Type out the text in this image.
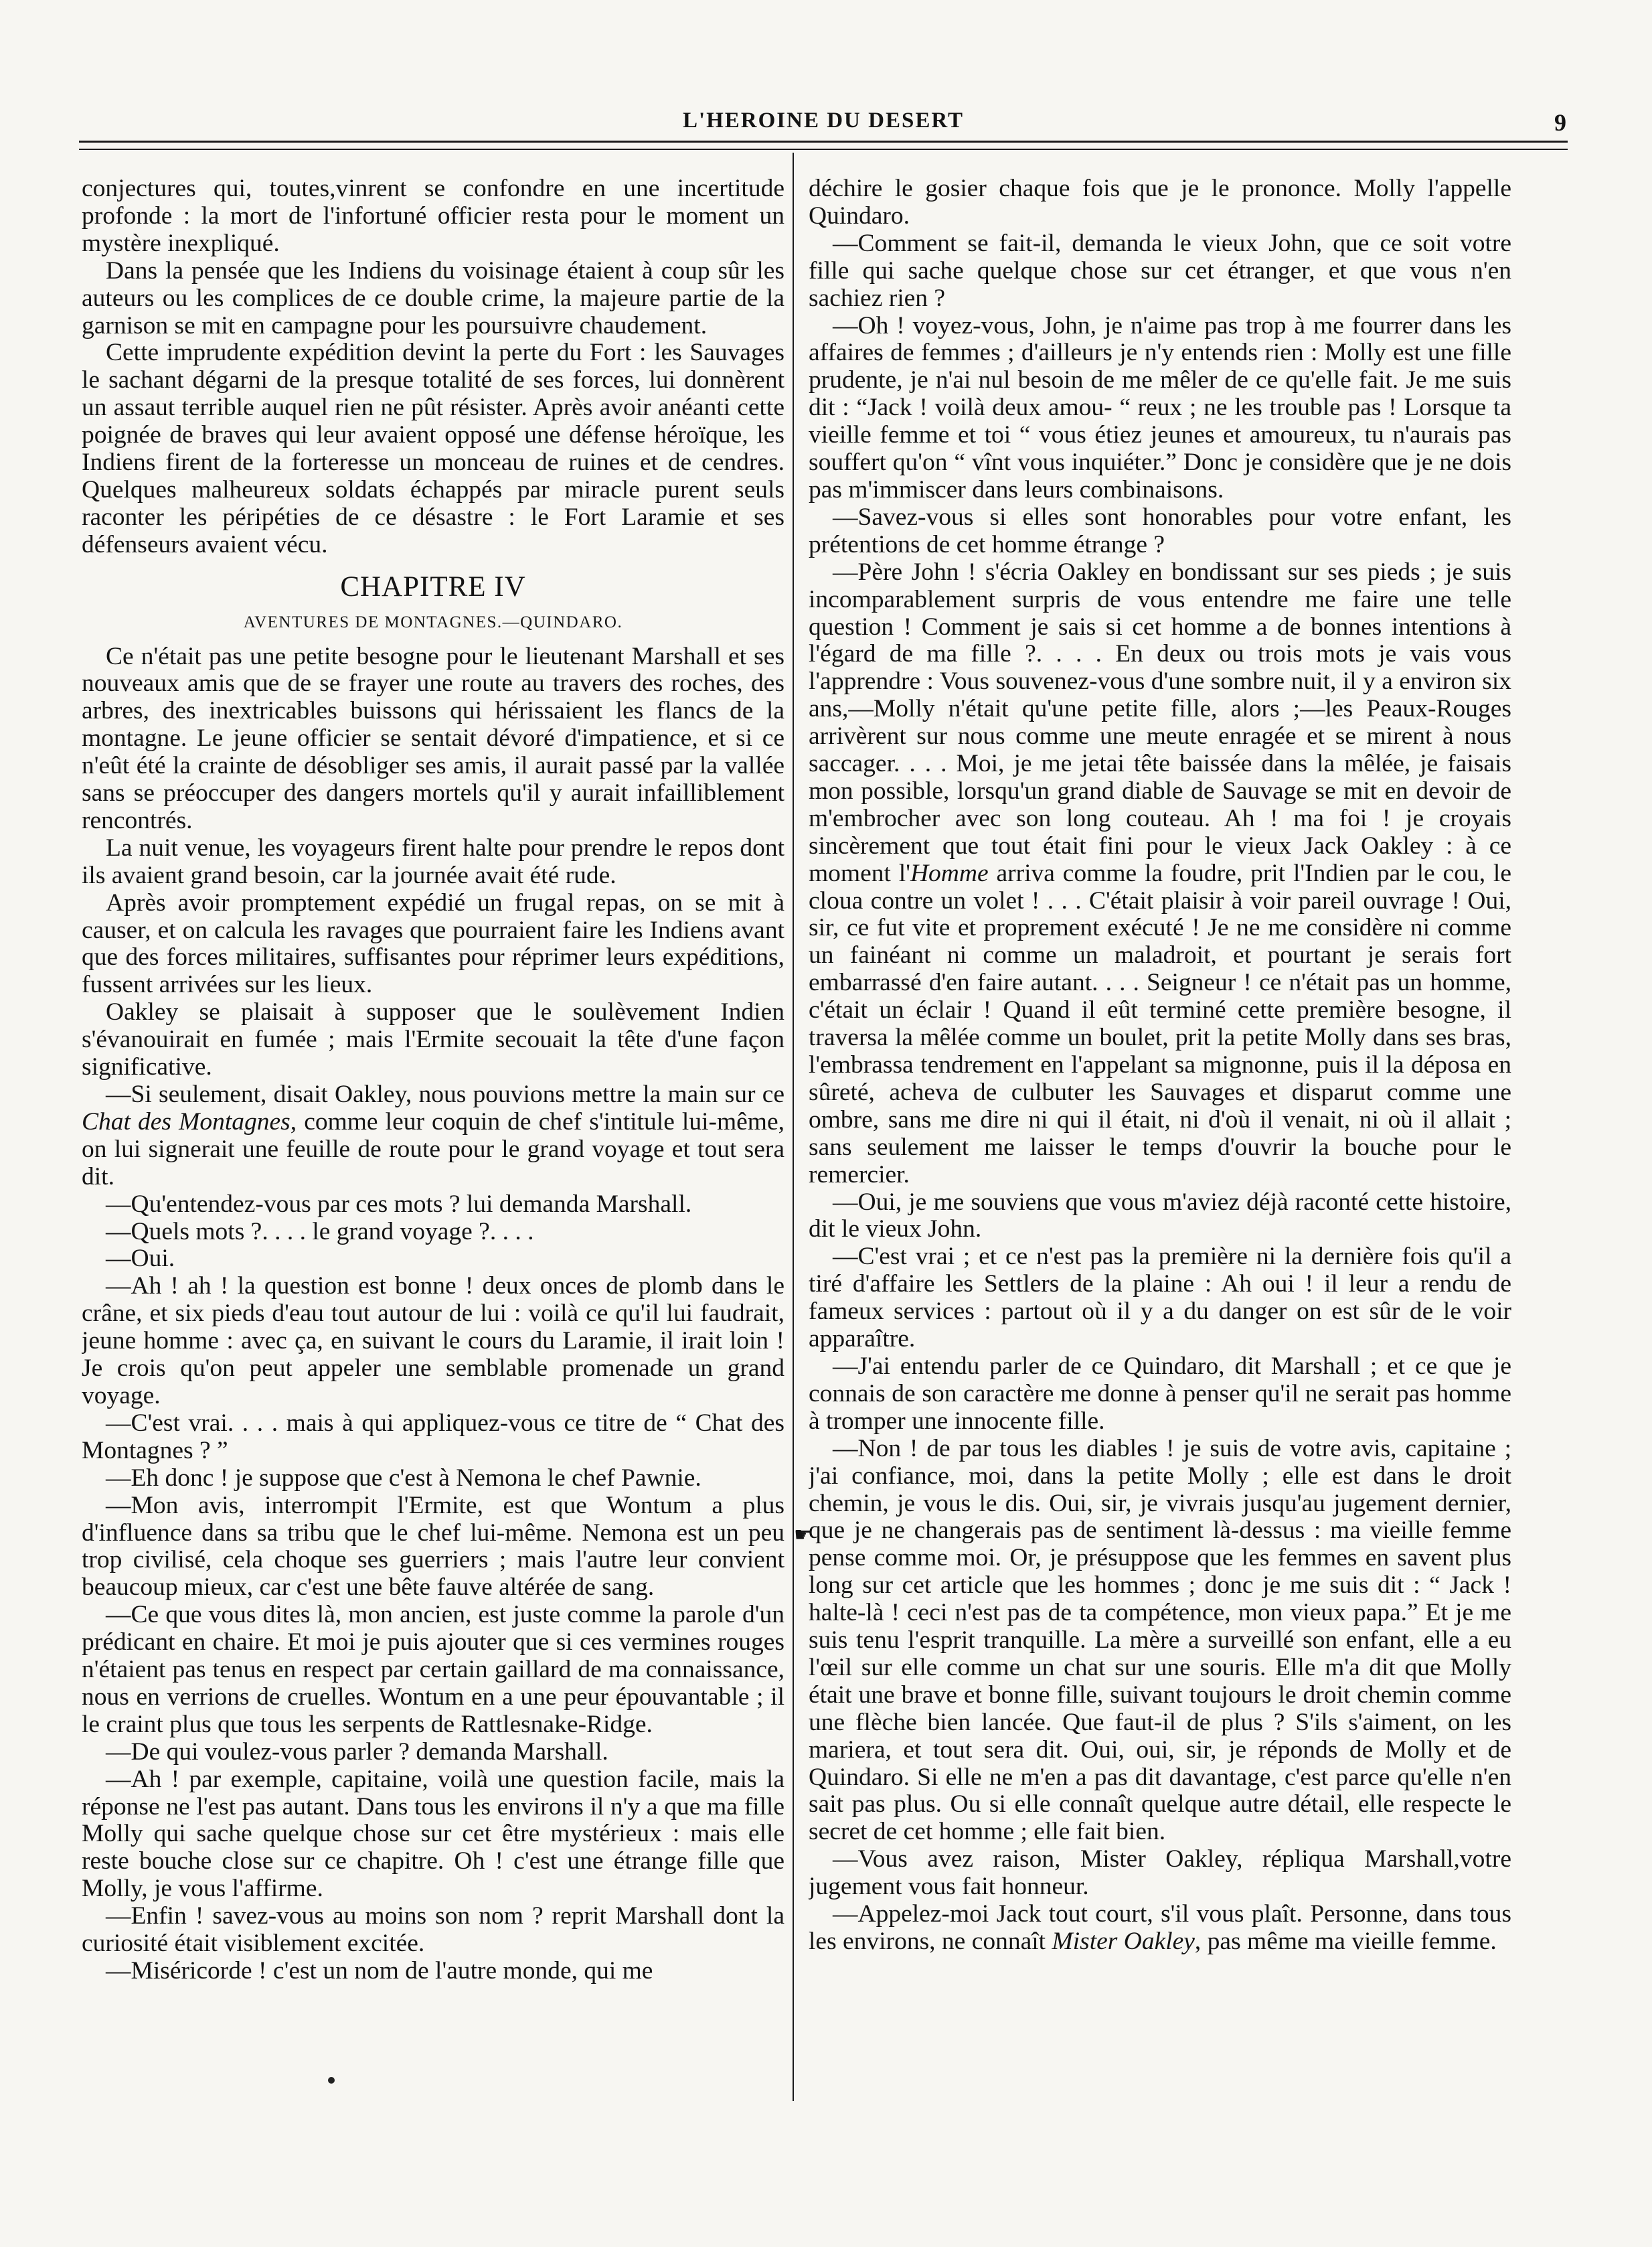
L'HEROINE DU DESERT	9

conjectures qui, toutes,vinrent se confondre en une incertitude profonde : la mort de l'infortuné officier resta pour le moment un mystère inexpliqué.

Dans la pensée que les Indiens du voisinage étaient à coup sûr les auteurs ou les complices de ce double crime, la majeure partie de la garnison se mit en campagne pour les poursuivre chaudement.

Cette imprudente expédition devint la perte du Fort : les Sauvages le sachant dégarni de la presque totalité de ses forces, lui donnèrent un assaut terrible auquel rien ne pût résister. Après avoir anéanti cette poignée de braves qui leur avaient opposé une défense héroïque, les Indiens firent de la forteresse un monceau de ruines et de cendres. Quelques malheureux soldats échappés par miracle purent seuls raconter les péripéties de ce désastre : le Fort Laramie et ses défenseurs avaient vécu.

CHAPITRE IV
AVENTURES DE MONTAGNES.—QUINDARO.

Ce n'était pas une petite besogne pour le lieutenant Marshall et ses nouveaux amis que de se frayer une route au travers des roches, des arbres, des inextricables buissons qui hérissaient les flancs de la montagne. Le jeune officier se sentait dévoré d'impatience, et si ce n'eût été la crainte de désobliger ses amis, il aurait passé par la vallée sans se préoccuper des dangers mortels qu'il y aurait infailliblement rencontrés.

La nuit venue, les voyageurs firent halte pour prendre le repos dont ils avaient grand besoin, car la journée avait été rude.

Après avoir promptement expédié un frugal repas, on se mit à causer, et on calcula les ravages que pourraient faire les Indiens avant que des forces militaires, suffisantes pour réprimer leurs expéditions, fussent arrivées sur les lieux.

Oakley se plaisait à supposer que le soulèvement Indien s'évanouirait en fumée ; mais l'Ermite secouait la tête d'une façon significative.

—Si seulement, disait Oakley, nous pouvions mettre la main sur ce Chat des Montagnes, comme leur coquin de chef s'intitule lui-même, on lui signerait une feuille de route pour le grand voyage et tout sera dit.

—Qu'entendez-vous par ces mots ? lui demanda Marshall.

—Quels mots ?. . . . le grand voyage ?. . . .

—Oui.

—Ah ! ah ! la question est bonne ! deux onces de plomb dans le crâne, et six pieds d'eau tout autour de lui : voilà ce qu'il lui faudrait, jeune homme : avec ça, en suivant le cours du Laramie, il irait loin ! Je crois qu'on peut appeler une semblable promenade un grand voyage.

—C'est vrai. . . . mais à qui appliquez-vous ce titre de “ Chat des Montagnes ? ”

—Eh donc ! je suppose que c'est à Nemona le chef Pawnie.

—Mon avis, interrompit l'Ermite, est que Wontum a plus d'influence dans sa tribu que le chef lui-même. Nemona est un peu trop civilisé, cela choque ses guerriers ; mais l'autre leur convient beaucoup mieux, car c'est une bête fauve altérée de sang.

—Ce que vous dites là, mon ancien, est juste comme la parole d'un prédicant en chaire. Et moi je puis ajouter que si ces vermines rouges n'étaient pas tenus en respect par certain gaillard de ma connaissance, nous en verrions de cruelles. Wontum en a une peur épouvantable ; il le craint plus que tous les serpents de Rattlesnake-Ridge.

—De qui voulez-vous parler ? demanda Marshall.

—Ah ! par exemple, capitaine, voilà une question facile, mais la réponse ne l'est pas autant. Dans tous les environs il n'y a que ma fille Molly qui sache quelque chose sur cet être mystérieux : mais elle reste bouche close sur ce chapitre. Oh ! c'est une étrange fille que Molly, je vous l'affirme.

—Enfin ! savez-vous au moins son nom ? reprit Marshall dont la curiosité était visiblement excitée.

—Miséricorde ! c'est un nom de l'autre monde, qui me

déchire le gosier chaque fois que je le prononce. Molly l'appelle Quindaro.

—Comment se fait-il, demanda le vieux John, que ce soit votre fille qui sache quelque chose sur cet étranger, et que vous n'en sachiez rien ?

—Oh ! voyez-vous, John, je n'aime pas trop à me fourrer dans les affaires de femmes ; d'ailleurs je n'y entends rien : Molly est une fille prudente, je n'ai nul besoin de me mêler de ce qu'elle fait. Je me suis dit : “Jack ! voilà deux amou- “ reux ; ne les trouble pas ! Lorsque ta vieille femme et toi “ vous étiez jeunes et amoureux, tu n'aurais pas souffert qu'on “ vînt vous inquiéter.” Donc je considère que je ne dois pas m'immiscer dans leurs combinaisons.

—Savez-vous si elles sont honorables pour votre enfant, les prétentions de cet homme étrange ?

—Père John ! s'écria Oakley en bondissant sur ses pieds ; je suis incomparablement surpris de vous entendre me faire une telle question ! Comment je sais si cet homme a de bonnes intentions à l'égard de ma fille ?. . . . En deux ou trois mots je vais vous l'apprendre : Vous souvenez-vous d'une sombre nuit, il y a environ six ans,—Molly n'était qu'une petite fille, alors ;—les Peaux-Rouges arrivèrent sur nous comme une meute enragée et se mirent à nous saccager. . . . Moi, je me jetai tête baissée dans la mêlée, je faisais mon possible, lorsqu'un grand diable de Sauvage se mit en devoir de m'embrocher avec son long couteau. Ah ! ma foi ! je croyais sincèrement que tout était fini pour le vieux Jack Oakley : à ce moment l'Homme arriva comme la foudre, prit l'Indien par le cou, le cloua contre un volet ! . . . C'était plaisir à voir pareil ouvrage ! Oui, sir, ce fut vite et proprement exécuté ! Je ne me considère ni comme un fainéant ni comme un maladroit, et pourtant je serais fort embarrassé d'en faire autant. . . . Seigneur ! ce n'était pas un homme, c'était un éclair ! Quand il eût terminé cette première besogne, il traversa la mêlée comme un boulet, prit la petite Molly dans ses bras, l'embrassa tendrement en l'appelant sa mignonne, puis il la déposa en sûreté, acheva de culbuter les Sauvages et disparut comme une ombre, sans me dire ni qui il était, ni d'où il venait, ni où il allait ; sans seulement me laisser le temps d'ouvrir la bouche pour le remercier.

—Oui, je me souviens que vous m'aviez déjà raconté cette histoire, dit le vieux John.

—C'est vrai ; et ce n'est pas la première ni la dernière fois qu'il a tiré d'affaire les Settlers de la plaine : Ah oui ! il leur a rendu de fameux services : partout où il y a du danger on est sûr de le voir apparaître.

—J'ai entendu parler de ce Quindaro, dit Marshall ; et ce que je connais de son caractère me donne à penser qu'il ne serait pas homme à tromper une innocente fille.

—Non ! de par tous les diables ! je suis de votre avis, capitaine ; j'ai confiance, moi, dans la petite Molly ; elle est dans le droit chemin, je vous le dis. Oui, sir, je vivrais jusqu'au jugement dernier, que je ne changerais pas de sentiment là-dessus : ma vieille femme pense comme moi. Or, je présuppose que les femmes en savent plus long sur cet article que les hommes ; donc je me suis dit : “ Jack ! halte-là ! ceci n'est pas de ta compétence, mon vieux papa.” Et je me suis tenu l'esprit tranquille. La mère a surveillé son enfant, elle a eu l'œil sur elle comme un chat sur une souris. Elle m'a dit que Molly était une brave et bonne fille, suivant toujours le droit chemin comme une flèche bien lancée. Que faut-il de plus ? S'ils s'aiment, on les mariera, et tout sera dit. Oui, oui, sir, je réponds de Molly et de Quindaro. Si elle ne m'en a pas dit davantage, c'est parce qu'elle n'en sait pas plus. Ou si elle connaît quelque autre détail, elle respecte le secret de cet homme ; elle fait bien.

—Vous avez raison, Mister Oakley, répliqua Marshall,votre jugement vous fait honneur.

—Appelez-moi Jack tout court, s'il vous plaît. Personne, dans tous les environs, ne connaît Mister Oakley, pas même ma vieille femme.

☛
